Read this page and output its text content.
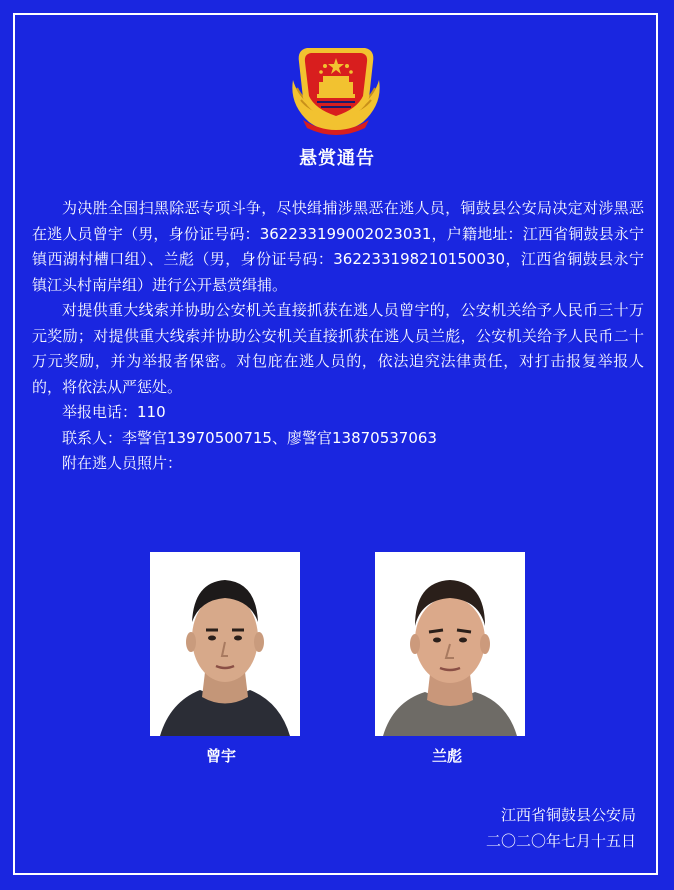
悬赏通告

为决胜全国扫黑除恶专项斗争，尽快缉捕涉黑恶在逃人员，铜鼓县公安局决定对涉黑恶在逃人员曾宇（男，身份证号码：362233199002023031，户籍地址：江西省铜鼓县永宁镇西湖村槽口组）、兰彪（男，身份证号码：362233198210150030，江西省铜鼓县永宁镇江头村南岸组）进行公开悬赏缉捕。

对提供重大线索并协助公安机关直接抓获在逃人员曾宇的，公安机关给予人民币三十万元奖励；对提供重大线索并协助公安机关直接抓获在逃人员兰彪，公安机关给予人民币二十万元奖励，并为举报者保密。对包庇在逃人员的，依法追究法律责任，对打击报复举报人的，将依法从严惩处。

举报电话：110

联系人：李警官13970500715、廖警官13870537063

附在逃人员照片：

曾宇	兰彪
江西省铜鼓县公安局
二〇二〇年七月十五日
